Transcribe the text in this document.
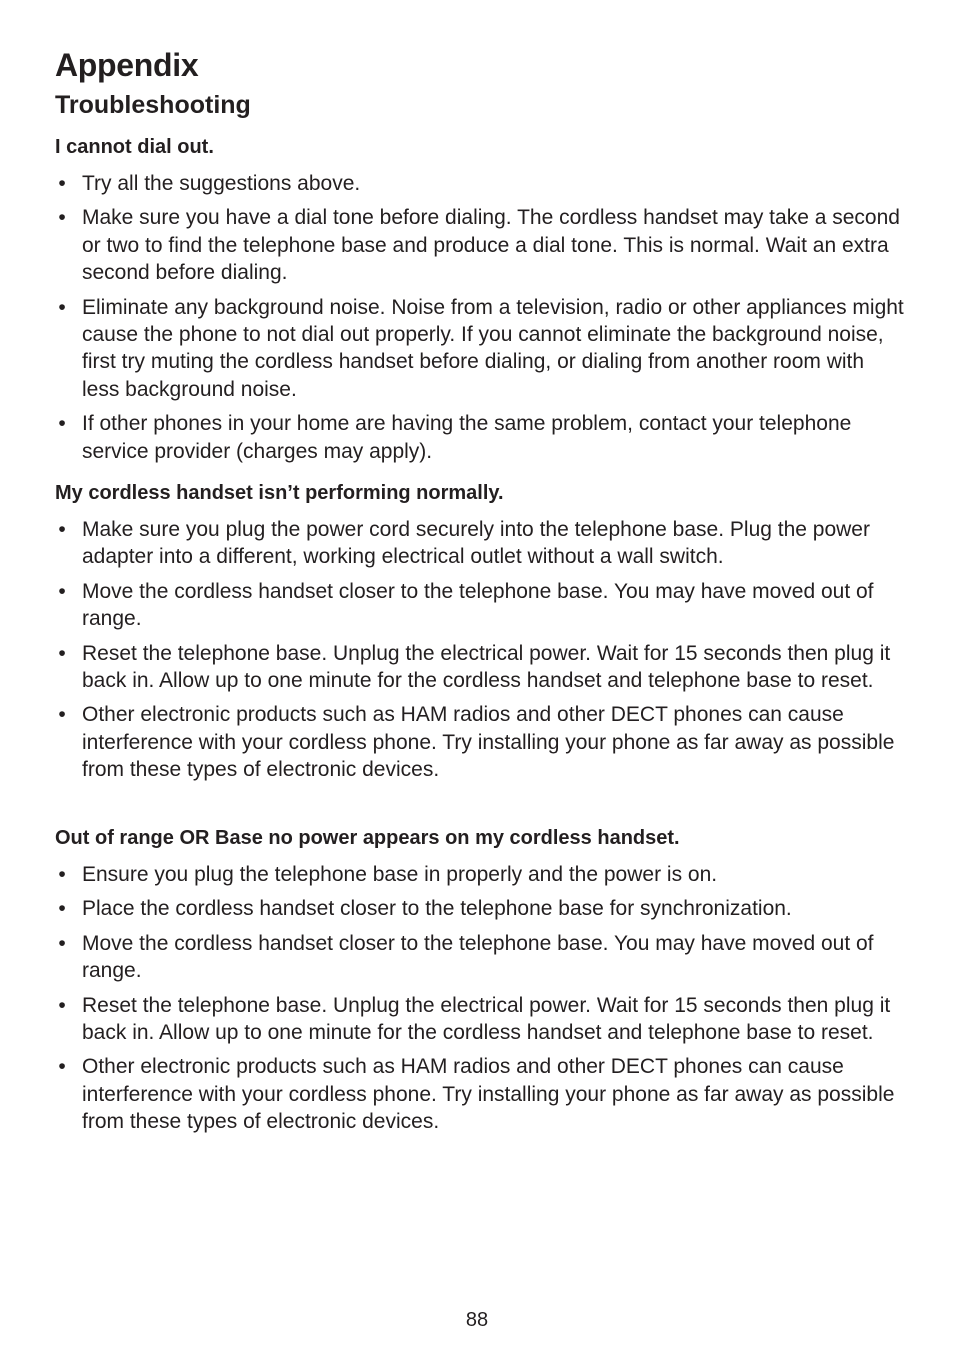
Appendix
Troubleshooting
I cannot dial out.
• Try all the suggestions above.
• Make sure you have a dial tone before dialing. The cordless handset may take a second or two to find the telephone base and produce a dial tone. This is normal. Wait an extra second before dialing.
• Eliminate any background noise. Noise from a television, radio or other appliances might cause the phone to not dial out properly. If you cannot eliminate the background noise, first try muting the cordless handset before dialing, or dialing from another room with less background noise.
• If other phones in your home are having the same problem, contact your telephone service provider (charges may apply).
My cordless handset isn’t performing normally.
• Make sure you plug the power cord securely into the telephone base. Plug the power adapter into a different, working electrical outlet without a wall switch.
• Move the cordless handset closer to the telephone base. You may have moved out of range.
• Reset the telephone base. Unplug the electrical power. Wait for 15 seconds then plug it back in. Allow up to one minute for the cordless handset and telephone base to reset.
• Other electronic products such as HAM radios and other DECT phones can cause interference with your cordless phone. Try installing your phone as far away as possible from these types of electronic devices.
Out of range OR Base no power appears on my cordless handset.
• Ensure you plug the telephone base in properly and the power is on.
• Place the cordless handset closer to the telephone base for synchronization.
• Move the cordless handset closer to the telephone base. You may have moved out of range.
• Reset the telephone base. Unplug the electrical power. Wait for 15 seconds then plug it back in. Allow up to one minute for the cordless handset and telephone base to reset.
• Other electronic products such as HAM radios and other DECT phones can cause interference with your cordless phone. Try installing your phone as far away as possible from these types of electronic devices.
88
